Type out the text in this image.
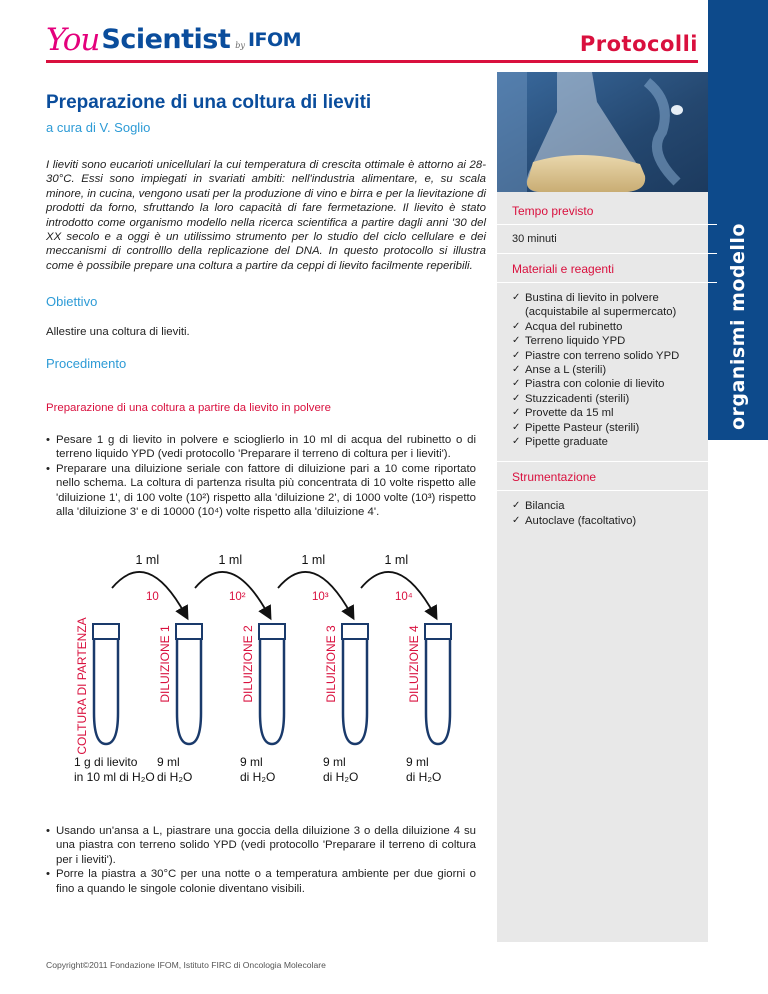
You Scientist by IFOM	Protocolli
organismi modello
Tempo previsto
30 minuti
Materiali e reagenti
✓ Bustina di lievito in polvere (acquistabile al supermercato)
✓ Acqua del rubinetto
✓ Terreno liquido YPD
✓ Piastre con terreno solido YPD
✓ Anse a L (sterili)
✓ Piastra con colonie di lievito
✓ Stuzzicadenti (sterili)
✓ Provette da 15 ml
✓ Pipette Pasteur (sterili)
✓ Pipette graduate
Strumentazione
✓ Bilancia
✓ Autoclave (facoltativo)
Preparazione di una coltura di lieviti
a cura di V. Soglio

I lieviti sono eucarioti unicellulari la cui temperatura di crescita ottimale è attorno ai 28-30°C. Essi sono impiegati in svariati ambiti: nell'industria alimentare, e, su scala minore, in cucina, vengono usati per la produzione di vino e birra e per la lievitazione di prodotti da forno, sfruttando la loro capacità di fare fermetazione. Il lievito è stato introdotto come organismo modello nella ricerca scientifica a partire dagli anni '30 del XX secolo e a oggi è un utilissimo strumento per lo studio del ciclo cellulare e dei meccanismi di controlllo della replicazione del DNA. In questo protocollo si illustra come è possibile prepare una coltura a partire da ceppi di lievito facilmente reperibili.

Obiettivo
Allestire una coltura di lieviti.
Procedimento
Preparazione di una coltura a partire da lievito in polvere
• Pesare 1 g di lievito in polvere e scioglierlo in 10 ml di acqua del rubinetto o di terreno liquido YPD (vedi protocollo 'Preparare il terreno di coltura per i lieviti').
• Preparare una diluizione seriale con fattore di diluizione pari a 10 come riportato nello schema. La coltura di partenza risulta più concentrata di 10 volte rispetto alle 'diluizione 1', di 100 volte (10²) rispetto alla 'diluizione 2', di 1000 volte (10³) rispetto alla 'diluizione 3' e di 10000 (10⁴) volte rispetto alla 'diluizione 4'.
COLTURA DI PARTENZA
1 g di lievito
in 10 ml di H₂O
DILUIZIONE 1
9 ml
di H₂O
DILUIZIONE 2
9 ml
di H₂O
DILUIZIONE 3
9 ml
di H₂O
DILUIZIONE 4
9 ml
di H₂O
1 ml
10
1 ml
10²
1 ml
10³
1 ml
10⁴
• Usando un'ansa a L, piastrare una goccia della diluizione 3 o della diluizione 4 su una piastra con terreno solido YPD (vedi protocollo 'Preparare il terreno di coltura per i lieviti').
• Porre la piastra a 30°C per una notte o a temperatura ambiente per due giorni o fino a quando le singole colonie diventano visibili.
Copyright©2011 Fondazione IFOM, Istituto FIRC di Oncologia Molecolare
